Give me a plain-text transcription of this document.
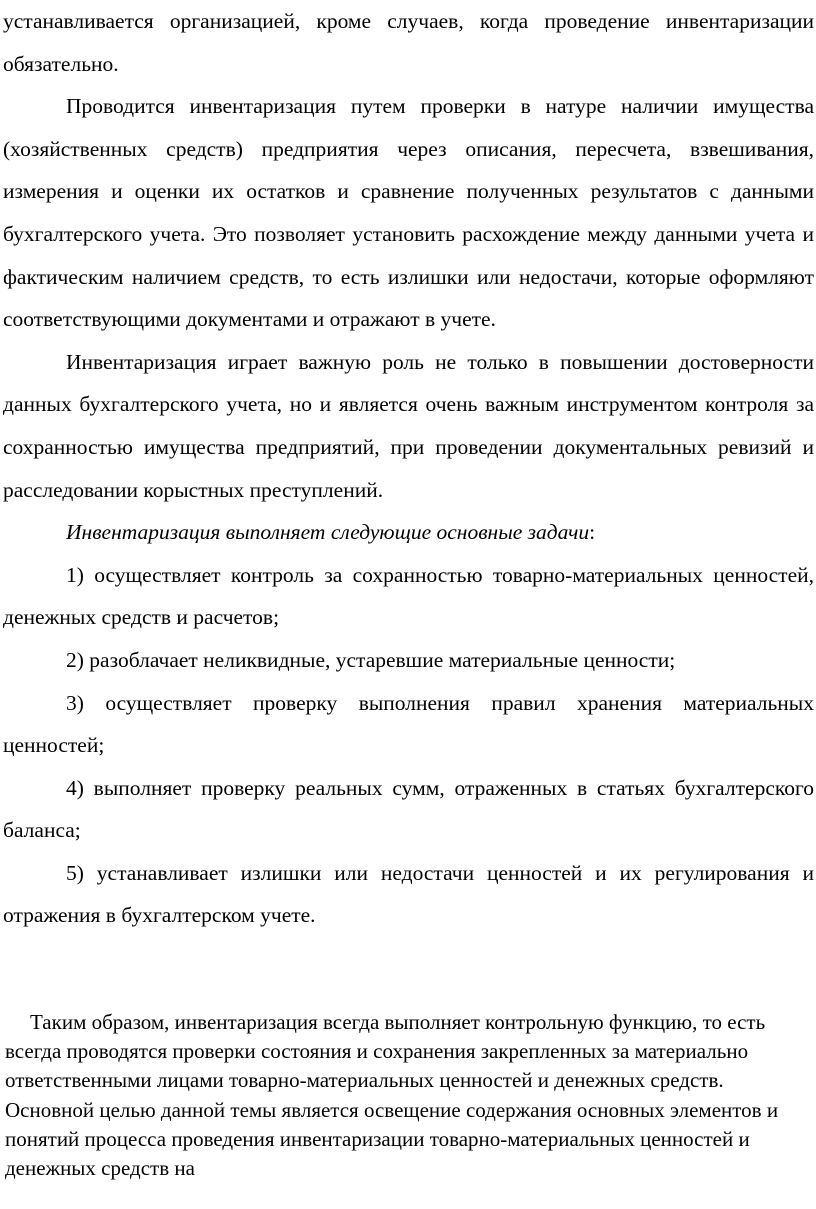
устанавливается организацией, кроме случаев, когда проведение инвентаризации обязательно.

Проводится инвентаризация путем проверки в натуре наличии имущества (хозяйственных средств) предприятия через описания, пересчета, взвешивания, измерения и оценки их остатков и сравнение полученных результатов с данными бухгалтерского учета. Это позволяет установить расхождение между данными учета и фактическим наличием средств, то есть излишки или недостачи, которые оформляют соответствующими документами и отражают в учете.

Инвентаризация играет важную роль не только в повышении достоверности данных бухгалтерского учета, но и является очень важным инструментом контроля за сохранностью имущества предприятий, при проведении документальных ревизий и расследовании корыстных преступлений.

Инвентаризация выполняет следующие основные задачи:

1) осуществляет контроль за сохранностью товарно-материальных ценностей, денежных средств и расчетов;

2) разоблачает неликвидные, устаревшие материальные ценности;

3) осуществляет проверку выполнения правил хранения материальных ценностей;

4) выполняет проверку реальных сумм, отраженных в статьях бухгалтерского баланса;

5) устанавливает излишки или недостачи ценностей и их регулирования и отражения в бухгалтерском учете.

Таким образом, инвентаризация всегда выполняет контрольную функцию, то есть всегда проводятся проверки состояния и сохранения закрепленных за материально ответственными лицами товарно-материальных ценностей и денежных средств. Основной целью данной темы является освещение содержания основных элементов и понятий процесса проведения инвентаризации товарно-материальных ценностей и денежных средств на
